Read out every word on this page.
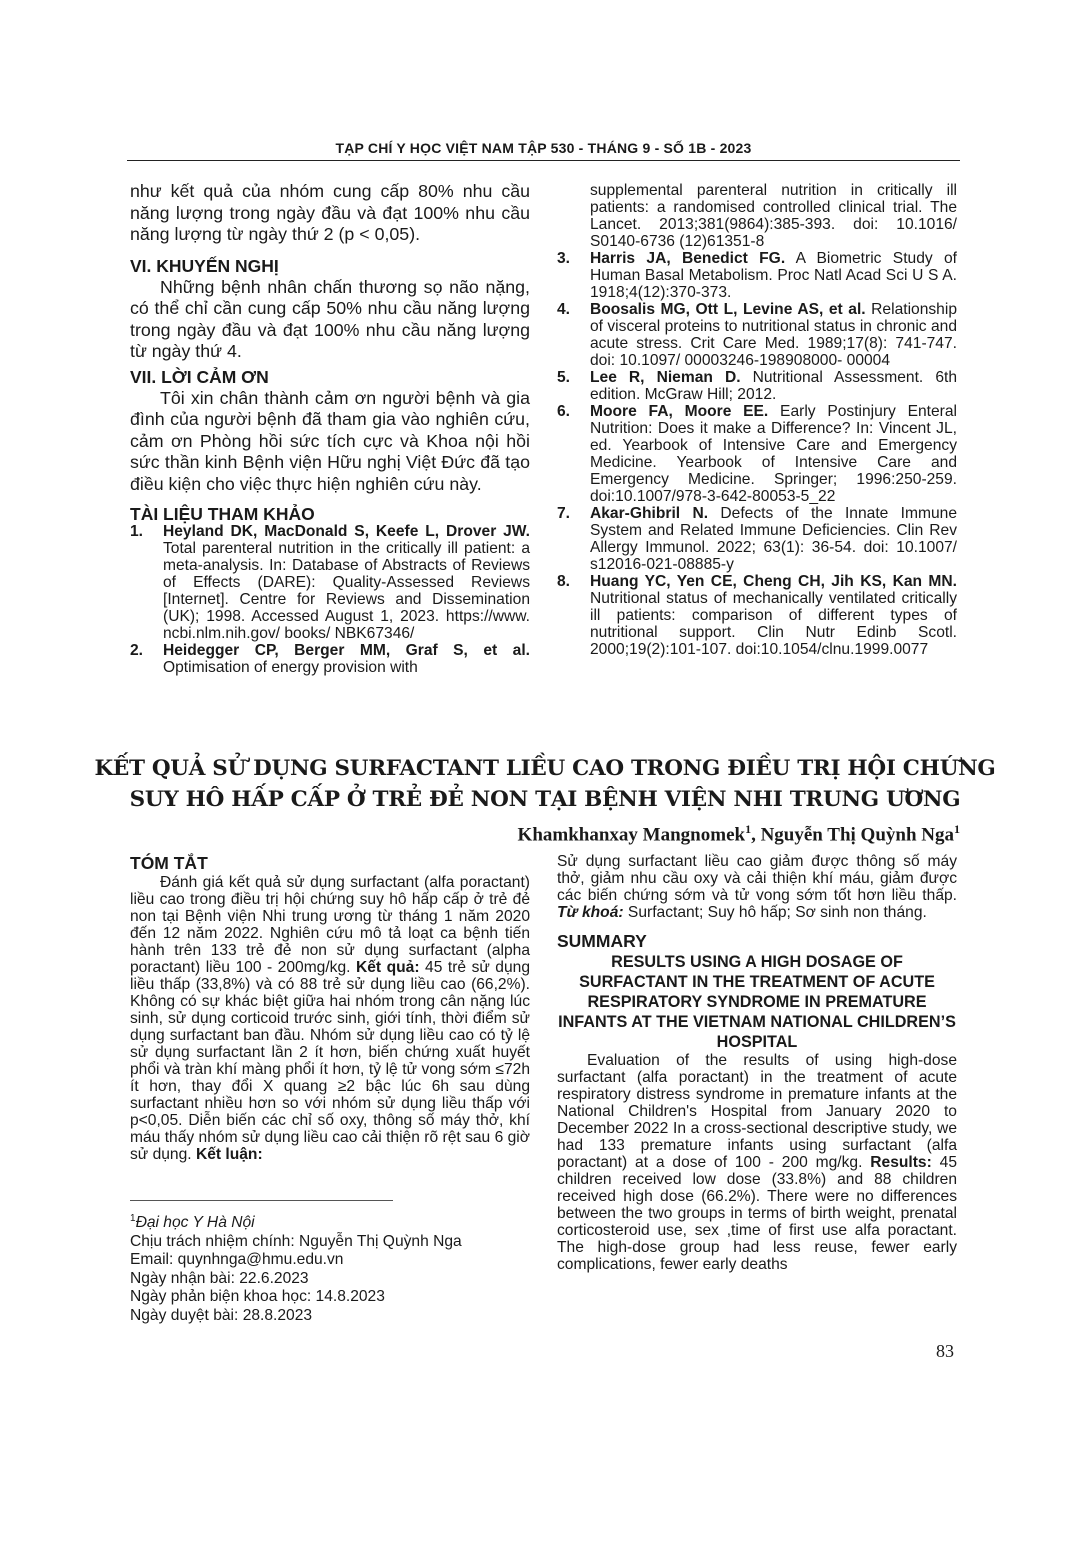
TẠP CHÍ Y HỌC VIỆT NAM TẬP 530 - THÁNG 9 - SỐ 1B - 2023
như kết quả của nhóm cung cấp 80% nhu cầu năng lượng trong ngày đầu và đạt 100% nhu cầu năng lượng từ ngày thứ 2 (p < 0,05).
VI. KHUYẾN NGHỊ
Những bệnh nhân chấn thương sọ não nặng, có thể chỉ cần cung cấp 50% nhu cầu năng lượng trong ngày đầu và đạt 100% nhu cầu năng lượng từ ngày thứ 4.
VII. LỜI CẢM ƠN
Tôi xin chân thành cảm ơn người bệnh và gia đình của người bệnh đã tham gia vào nghiên cứu, cảm ơn Phòng hồi sức tích cực và Khoa nội hồi sức thần kinh Bệnh viện Hữu nghị Việt Đức đã tạo điều kiện cho việc thực hiện nghiên cứu này.
TÀI LIỆU THAM KHẢO
1. Heyland DK, MacDonald S, Keefe L, Drover JW. Total parenteral nutrition in the critically ill patient: a meta-analysis. In: Database of Abstracts of Reviews of Effects (DARE): Quality-Assessed Reviews [Internet]. Centre for Reviews and Dissemination (UK); 1998. Accessed August 1, 2023. https://www. ncbi.nlm.nih.gov/ books/ NBK67346/
2. Heidegger CP, Berger MM, Graf S, et al. Optimisation of energy provision with
supplemental parenteral nutrition in critically ill patients: a randomised controlled clinical trial. The Lancet. 2013;381(9864):385-393. doi: 10.1016/ S0140-6736 (12)61351-8
3. Harris JA, Benedict FG. A Biometric Study of Human Basal Metabolism. Proc Natl Acad Sci U S A. 1918;4(12):370-373.
4. Boosalis MG, Ott L, Levine AS, et al. Relationship of visceral proteins to nutritional status in chronic and acute stress. Crit Care Med. 1989;17(8): 741-747. doi: 10.1097/ 00003246-198908000- 00004
5. Lee R, Nieman D. Nutritional Assessment. 6th edition. McGraw Hill; 2012.
6. Moore FA, Moore EE. Early Postinjury Enteral Nutrition: Does it make a Difference? In: Vincent JL, ed. Yearbook of Intensive Care and Emergency Medicine. Yearbook of Intensive Care and Emergency Medicine. Springer; 1996:250-259. doi:10.1007/978-3-642-80053-5_22
7. Akar-Ghibril N. Defects of the Innate Immune System and Related Immune Deficiencies. Clin Rev Allergy Immunol. 2022; 63(1): 36-54. doi: 10.1007/ s12016-021-08885-y
8. Huang YC, Yen CE, Cheng CH, Jih KS, Kan MN. Nutritional status of mechanically ventilated critically ill patients: comparison of different types of nutritional support. Clin Nutr Edinb Scotl. 2000;19(2):101-107. doi:10.1054/clnu.1999.0077
KẾT QUẢ SỬ DỤNG SURFACTANT LIỀU CAO TRONG ĐIỀU TRỊ HỘI CHỨNG
SUY HÔ HẤP CẤP Ở TRẺ ĐẺ NON TẠI BỆNH VIỆN NHI TRUNG ƯƠNG
Khamkhanxay Mangnomek$^1$, Nguyễn Thị Quỳnh Nga$^1$
TÓM TẮT
Đánh giá kết quả sử dụng surfactant (alfa poractant) liều cao trong điều trị hội chứng suy hô hấp cấp ở trẻ đẻ non tại Bệnh viện Nhi trung ương từ tháng 1 năm 2020 đến 12 năm 2022. Nghiên cứu mô tả loạt ca bệnh tiến hành trên 133 trẻ đẻ non sử dụng surfactant (alpha poractant) liều 100 - 200mg/kg. Kết quả: 45 trẻ sử dụng liều thấp (33,8%) và có 88 trẻ sử dụng liều cao (66,2%). Không có sự khác biệt giữa hai nhóm trong cân nặng lúc sinh, sử dụng corticoid trước sinh, giới tính, thời điểm sử dụng surfactant ban đầu. Nhóm sử dụng liều cao có tỷ lệ sử dụng surfactant lần 2 ít hơn, biến chứng xuất huyết phổi và tràn khí màng phổi ít hơn, tỷ lệ tử vong sớm ≤72h ít hơn, thay đổi X quang ≥2 bậc lúc 6h sau dùng surfactant nhiều hơn so với nhóm sử dụng liều thấp với p<0,05. Diễn biến các chỉ số oxy, thông số máy thở, khí máu thấy nhóm sử dụng liều cao cải thiện rõ rệt sau 6 giờ sử dụng. Kết luận:
Sử dụng surfactant liều cao giảm được thông số máy thở, giảm nhu cầu oxy và cải thiện khí máu, giảm được các biến chứng sớm và tử vong sớm tốt hơn liều thấp. Từ khoá: Surfactant; Suy hô hấp; Sơ sinh non tháng.
SUMMARY
RESULTS USING A HIGH DOSAGE OF SURFACTANT IN THE TREATMENT OF ACUTE RESPIRATORY SYNDROME IN PREMATURE INFANTS AT THE VIETNAM NATIONAL CHILDREN’S HOSPITAL
Evaluation of the results of using high-dose surfactant (alfa poractant) in the treatment of acute respiratory distress syndrome in premature infants at the National Children's Hospital from January 2020 to December 2022 In a cross-sectional descriptive study, we had 133 premature infants using surfactant (alfa poractant) at a dose of 100 - 200 mg/kg. Results: 45 children received low dose (33.8%) and 88 children received high dose (66.2%). There were no differences between the two groups in terms of birth weight, prenatal corticosteroid use, sex ,time of first use alfa poractant. The high-dose group had less reuse, fewer early complications, fewer early deaths
$^1$Đại học Y Hà Nội
Chịu trách nhiệm chính: Nguyễn Thị Quỳnh Nga
Email: quynhnga@hmu.edu.vn
Ngày nhận bài: 22.6.2023
Ngày phản biện khoa học: 14.8.2023
Ngày duyệt bài: 28.8.2023
83
